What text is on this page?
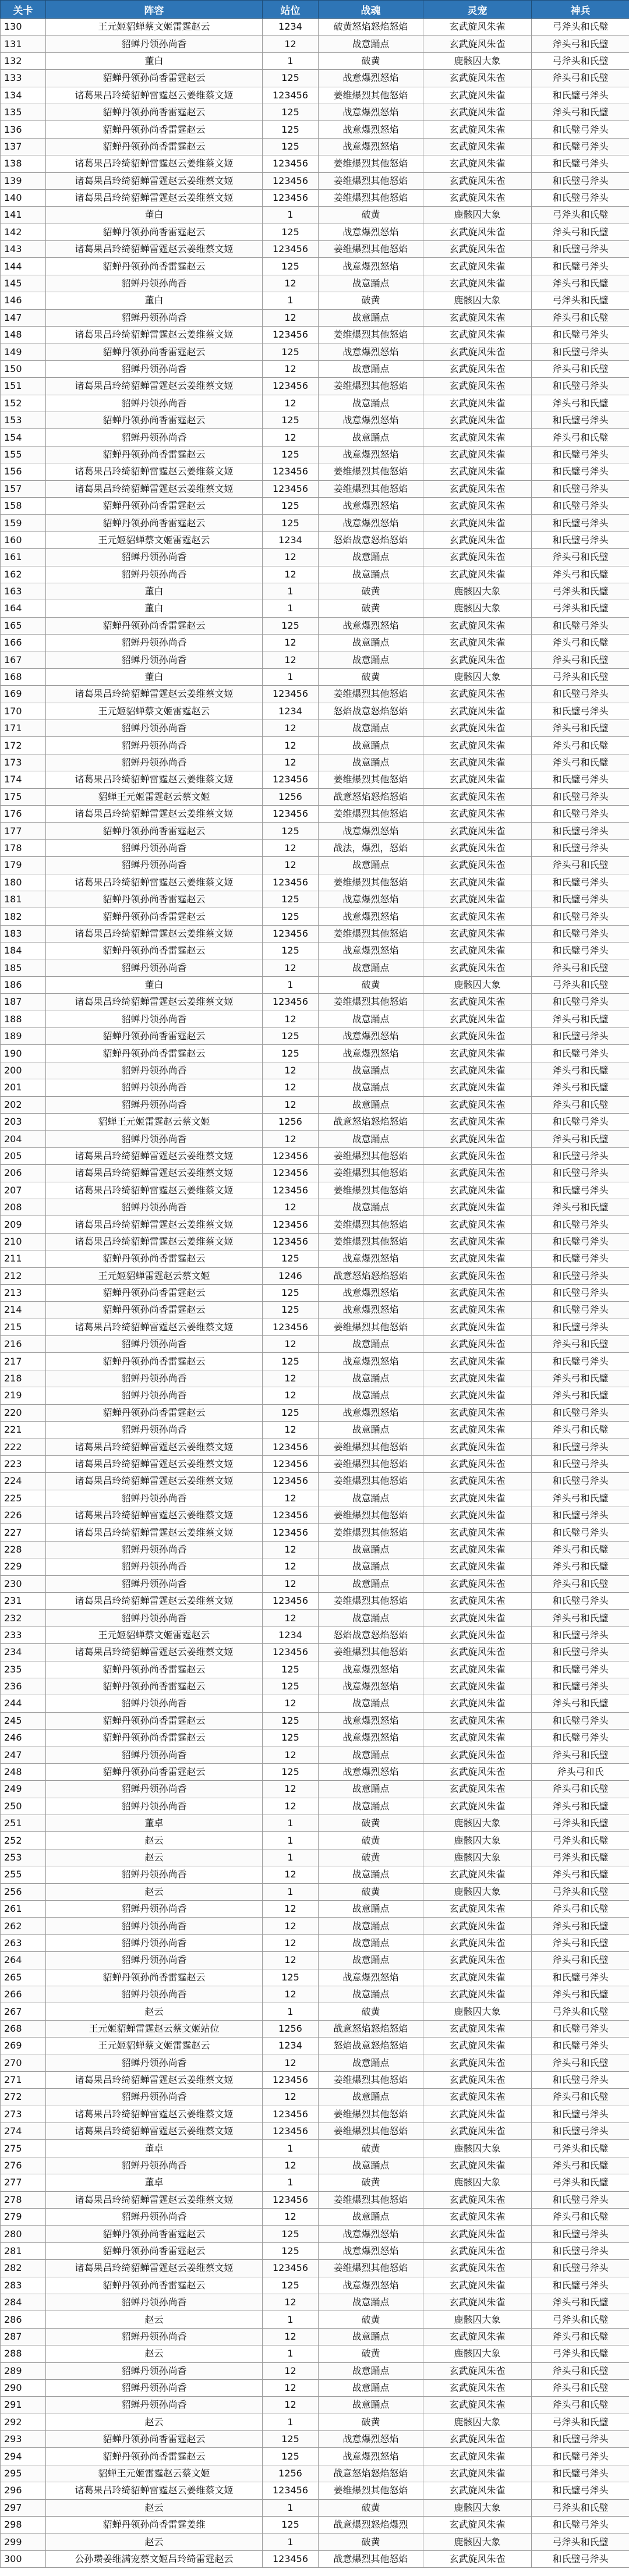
关卡	阵容	站位	战魂	灵宠	神兵
130	王元姬貂蝉蔡文姬雷霆赵云	1234	破黄怒焰怒焰怒焰	玄武旋风朱雀	弓斧头和氏璧
131	貂蝉丹领孙尚香	12	战意踊点	玄武旋风朱雀	斧头弓和氏璧
132	董白	1	破黄	鹿骸囚大象	弓斧头和氏璧
133	貂蝉丹领孙尚香雷霆赵云	125	战意爆烈怒焰	玄武旋风朱雀	斧头弓和氏璧
134	诸葛果吕玲绮貂蝉雷霆赵云姜维蔡文姬	123456	姜维爆烈其他怒焰	玄武旋风朱雀	和氏璧弓斧头
135	貂蝉丹领孙尚香雷霆赵云	125	战意爆烈怒焰	玄武旋风朱雀	斧头弓和氏璧
136	貂蝉丹领孙尚香雷霆赵云	125	战意爆烈怒焰	玄武旋风朱雀	和氏璧弓斧头
137	貂蝉丹领孙尚香雷霆赵云	125	战意爆烈怒焰	玄武旋风朱雀	和氏璧弓斧头
138	诸葛果吕玲绮貂蝉雷霆赵云姜维蔡文姬	123456	姜维爆烈其他怒焰	玄武旋风朱雀	和氏璧弓斧头
139	诸葛果吕玲绮貂蝉雷霆赵云姜维蔡文姬	123456	姜维爆烈其他怒焰	玄武旋风朱雀	和氏璧弓斧头
140	诸葛果吕玲绮貂蝉雷霆赵云姜维蔡文姬	123456	姜维爆烈其他怒焰	玄武旋风朱雀	和氏璧弓斧头
141	董白	1	破黄	鹿骸囚大象	弓斧头和氏璧
142	貂蝉丹领孙尚香雷霆赵云	125	战意爆烈怒焰	玄武旋风朱雀	斧头弓和氏璧
143	诸葛果吕玲绮貂蝉雷霆赵云姜维蔡文姬	123456	姜维爆烈其他怒焰	玄武旋风朱雀	和氏璧弓斧头
144	貂蝉丹领孙尚香雷霆赵云	125	战意爆烈怒焰	玄武旋风朱雀	和氏璧弓斧头
145	貂蝉丹领孙尚香	12	战意踊点	玄武旋风朱雀	斧头弓和氏璧
146	董白	1	破黄	鹿骸囚大象	弓斧头和氏璧
147	貂蝉丹领孙尚香	12	战意踊点	玄武旋风朱雀	斧头弓和氏璧
148	诸葛果吕玲绮貂蝉雷霆赵云姜维蔡文姬	123456	姜维爆烈其他怒焰	玄武旋风朱雀	和氏璧弓斧头
149	貂蝉丹领孙尚香雷霆赵云	125	战意爆烈怒焰	玄武旋风朱雀	和氏璧弓斧头
150	貂蝉丹领孙尚香	12	战意踊点	玄武旋风朱雀	斧头弓和氏璧
151	诸葛果吕玲绮貂蝉雷霆赵云姜维蔡文姬	123456	姜维爆烈其他怒焰	玄武旋风朱雀	和氏璧弓斧头
152	貂蝉丹领孙尚香	12	战意踊点	玄武旋风朱雀	斧头弓和氏璧
153	貂蝉丹领孙尚香雷霆赵云	125	战意爆烈怒焰	玄武旋风朱雀	和氏璧弓斧头
154	貂蝉丹领孙尚香	12	战意踊点	玄武旋风朱雀	斧头弓和氏璧
155	貂蝉丹领孙尚香雷霆赵云	125	战意爆烈怒焰	玄武旋风朱雀	和氏璧弓斧头
156	诸葛果吕玲绮貂蝉雷霆赵云姜维蔡文姬	123456	姜维爆烈其他怒焰	玄武旋风朱雀	和氏璧弓斧头
157	诸葛果吕玲绮貂蝉雷霆赵云姜维蔡文姬	123456	姜维爆烈其他怒焰	玄武旋风朱雀	和氏璧弓斧头
158	貂蝉丹领孙尚香雷霆赵云	125	战意爆烈怒焰	玄武旋风朱雀	和氏璧弓斧头
159	貂蝉丹领孙尚香雷霆赵云	125	战意爆烈怒焰	玄武旋风朱雀	和氏璧弓斧头
160	王元姬貂蝉蔡文姬雷霆赵云	1234	怒焰战意怒焰怒焰	玄武旋风朱雀	和氏璧弓斧头
161	貂蝉丹领孙尚香	12	战意踊点	玄武旋风朱雀	斧头弓和氏璧
162	貂蝉丹领孙尚香	12	战意踊点	玄武旋风朱雀	斧头弓和氏璧
163	董白	1	破黄	鹿骸囚大象	弓斧头和氏璧
164	董白	1	破黄	鹿骸囚大象	弓斧头和氏璧
165	貂蝉丹领孙尚香雷霆赵云	125	战意爆烈怒焰	玄武旋风朱雀	和氏璧弓斧头
166	貂蝉丹领孙尚香	12	战意踊点	玄武旋风朱雀	斧头弓和氏璧
167	貂蝉丹领孙尚香	12	战意踊点	玄武旋风朱雀	斧头弓和氏璧
168	董白	1	破黄	鹿骸囚大象	弓斧头和氏璧
169	诸葛果吕玲绮貂蝉雷霆赵云姜维蔡文姬	123456	姜维爆烈其他怒焰	玄武旋风朱雀	和氏璧弓斧头
170	王元姬貂蝉蔡文姬雷霆赵云	1234	怒焰战意怒焰怒焰	玄武旋风朱雀	和氏璧弓斧头
171	貂蝉丹领孙尚香	12	战意踊点	玄武旋风朱雀	斧头弓和氏璧
172	貂蝉丹领孙尚香	12	战意踊点	玄武旋风朱雀	斧头弓和氏璧
173	貂蝉丹领孙尚香	12	战意踊点	玄武旋风朱雀	斧头弓和氏璧
174	诸葛果吕玲绮貂蝉雷霆赵云姜维蔡文姬	123456	姜维爆烈其他怒焰	玄武旋风朱雀	和氏璧弓斧头
175	貂蝉王元姬雷霆赵云蔡文姬	1256	战意怒焰怒焰怒焰	玄武旋风朱雀	和氏璧弓斧头
176	诸葛果吕玲绮貂蝉雷霆赵云姜维蔡文姬	123456	姜维爆烈其他怒焰	玄武旋风朱雀	和氏璧弓斧头
177	貂蝉丹领孙尚香雷霆赵云	125	战意爆烈怒焰	玄武旋风朱雀	和氏璧弓斧头
178	貂蝉丹领孙尚香	12	战法，爆烈，怒焰	玄武旋风朱雀	和氏璧弓斧头
179	貂蝉丹领孙尚香	12	战意踊点	玄武旋风朱雀	斧头弓和氏璧
180	诸葛果吕玲绮貂蝉雷霆赵云姜维蔡文姬	123456	姜维爆烈其他怒焰	玄武旋风朱雀	和氏璧弓斧头
181	貂蝉丹领孙尚香雷霆赵云	125	战意爆烈怒焰	玄武旋风朱雀	和氏璧弓斧头
182	貂蝉丹领孙尚香雷霆赵云	125	战意爆烈怒焰	玄武旋风朱雀	和氏璧弓斧头
183	诸葛果吕玲绮貂蝉雷霆赵云姜维蔡文姬	123456	姜维爆烈其他怒焰	玄武旋风朱雀	和氏璧弓斧头
184	貂蝉丹领孙尚香雷霆赵云	125	战意爆烈怒焰	玄武旋风朱雀	和氏璧弓斧头
185	貂蝉丹领孙尚香	12	战意踊点	玄武旋风朱雀	斧头弓和氏璧
186	董白	1	破黄	鹿骸囚大象	弓斧头和氏璧
187	诸葛果吕玲绮貂蝉雷霆赵云姜维蔡文姬	123456	姜维爆烈其他怒焰	玄武旋风朱雀	和氏璧弓斧头
188	貂蝉丹领孙尚香	12	战意踊点	玄武旋风朱雀	斧头弓和氏璧
189	貂蝉丹领孙尚香雷霆赵云	125	战意爆烈怒焰	玄武旋风朱雀	和氏璧弓斧头
190	貂蝉丹领孙尚香雷霆赵云	125	战意爆烈怒焰	玄武旋风朱雀	和氏璧弓斧头
200	貂蝉丹领孙尚香	12	战意踊点	玄武旋风朱雀	斧头弓和氏璧
201	貂蝉丹领孙尚香	12	战意踊点	玄武旋风朱雀	斧头弓和氏璧
202	貂蝉丹领孙尚香	12	战意踊点	玄武旋风朱雀	斧头弓和氏璧
203	貂蝉王元姬雷霆赵云蔡文姬	1256	战意怒焰怒焰怒焰	玄武旋风朱雀	和氏璧弓斧头
204	貂蝉丹领孙尚香	12	战意踊点	玄武旋风朱雀	斧头弓和氏璧
205	诸葛果吕玲绮貂蝉雷霆赵云姜维蔡文姬	123456	姜维爆烈其他怒焰	玄武旋风朱雀	和氏璧弓斧头
206	诸葛果吕玲绮貂蝉雷霆赵云姜维蔡文姬	123456	姜维爆烈其他怒焰	玄武旋风朱雀	和氏璧弓斧头
207	诸葛果吕玲绮貂蝉雷霆赵云姜维蔡文姬	123456	姜维爆烈其他怒焰	玄武旋风朱雀	和氏璧弓斧头
208	貂蝉丹领孙尚香	12	战意踊点	玄武旋风朱雀	斧头弓和氏璧
209	诸葛果吕玲绮貂蝉雷霆赵云姜维蔡文姬	123456	姜维爆烈其他怒焰	玄武旋风朱雀	和氏璧弓斧头
210	诸葛果吕玲绮貂蝉雷霆赵云姜维蔡文姬	123456	姜维爆烈其他怒焰	玄武旋风朱雀	和氏璧弓斧头
211	貂蝉丹领孙尚香雷霆赵云	125	战意爆烈怒焰	玄武旋风朱雀	和氏璧弓斧头
212	王元姬貂蝉雷霆赵云蔡文姬	1246	战意怒焰怒焰怒焰	玄武旋风朱雀	和氏璧弓斧头
213	貂蝉丹领孙尚香雷霆赵云	125	战意爆烈怒焰	玄武旋风朱雀	和氏璧弓斧头
214	貂蝉丹领孙尚香雷霆赵云	125	战意爆烈怒焰	玄武旋风朱雀	和氏璧弓斧头
215	诸葛果吕玲绮貂蝉雷霆赵云姜维蔡文姬	123456	姜维爆烈其他怒焰	玄武旋风朱雀	和氏璧弓斧头
216	貂蝉丹领孙尚香	12	战意踊点	玄武旋风朱雀	斧头弓和氏璧
217	貂蝉丹领孙尚香雷霆赵云	125	战意爆烈怒焰	玄武旋风朱雀	和氏璧弓斧头
218	貂蝉丹领孙尚香	12	战意踊点	玄武旋风朱雀	斧头弓和氏璧
219	貂蝉丹领孙尚香	12	战意踊点	玄武旋风朱雀	斧头弓和氏璧
220	貂蝉丹领孙尚香雷霆赵云	125	战意爆烈怒焰	玄武旋风朱雀	和氏璧弓斧头
221	貂蝉丹领孙尚香	12	战意踊点	玄武旋风朱雀	斧头弓和氏璧
222	诸葛果吕玲绮貂蝉雷霆赵云姜维蔡文姬	123456	姜维爆烈其他怒焰	玄武旋风朱雀	和氏璧弓斧头
223	诸葛果吕玲绮貂蝉雷霆赵云姜维蔡文姬	123456	姜维爆烈其他怒焰	玄武旋风朱雀	和氏璧弓斧头
224	诸葛果吕玲绮貂蝉雷霆赵云姜维蔡文姬	123456	姜维爆烈其他怒焰	玄武旋风朱雀	和氏璧弓斧头
225	貂蝉丹领孙尚香	12	战意踊点	玄武旋风朱雀	斧头弓和氏璧
226	诸葛果吕玲绮貂蝉雷霆赵云姜维蔡文姬	123456	姜维爆烈其他怒焰	玄武旋风朱雀	和氏璧弓斧头
227	诸葛果吕玲绮貂蝉雷霆赵云姜维蔡文姬	123456	姜维爆烈其他怒焰	玄武旋风朱雀	和氏璧弓斧头
228	貂蝉丹领孙尚香	12	战意踊点	玄武旋风朱雀	斧头弓和氏璧
229	貂蝉丹领孙尚香	12	战意踊点	玄武旋风朱雀	斧头弓和氏璧
230	貂蝉丹领孙尚香	12	战意踊点	玄武旋风朱雀	斧头弓和氏璧
231	诸葛果吕玲绮貂蝉雷霆赵云姜维蔡文姬	123456	姜维爆烈其他怒焰	玄武旋风朱雀	和氏璧弓斧头
232	貂蝉丹领孙尚香	12	战意踊点	玄武旋风朱雀	斧头弓和氏璧
233	王元姬貂蝉蔡文姬雷霆赵云	1234	怒焰战意怒焰怒焰	玄武旋风朱雀	和氏璧弓斧头
234	诸葛果吕玲绮貂蝉雷霆赵云姜维蔡文姬	123456	姜维爆烈其他怒焰	玄武旋风朱雀	和氏璧弓斧头
235	貂蝉丹领孙尚香雷霆赵云	125	战意爆烈怒焰	玄武旋风朱雀	和氏璧弓斧头
236	貂蝉丹领孙尚香雷霆赵云	125	战意爆烈怒焰	玄武旋风朱雀	和氏璧弓斧头
244	貂蝉丹领孙尚香	12	战意踊点	玄武旋风朱雀	斧头弓和氏璧
245	貂蝉丹领孙尚香雷霆赵云	125	战意爆烈怒焰	玄武旋风朱雀	和氏璧弓斧头
246	貂蝉丹领孙尚香雷霆赵云	125	战意爆烈怒焰	玄武旋风朱雀	和氏璧弓斧头
247	貂蝉丹领孙尚香	12	战意踊点	玄武旋风朱雀	斧头弓和氏璧
248	貂蝉丹领孙尚香雷霆赵云	125	战意爆烈怒焰	玄武旋风朱雀	斧头弓和氏
249	貂蝉丹领孙尚香	12	战意踊点	玄武旋风朱雀	斧头弓和氏璧
250	貂蝉丹领孙尚香	12	战意踊点	玄武旋风朱雀	斧头弓和氏璧
251	董卓	1	破黄	鹿骸囚大象	弓斧头和氏璧
252	赵云	1	破黄	鹿骸囚大象	弓斧头和氏璧
253	赵云	1	破黄	鹿骸囚大象	弓斧头和氏璧
255	貂蝉丹领孙尚香	12	战意踊点	玄武旋风朱雀	斧头弓和氏璧
256	赵云	1	破黄	鹿骸囚大象	弓斧头和氏璧
261	貂蝉丹领孙尚香	12	战意踊点	玄武旋风朱雀	斧头弓和氏璧
262	貂蝉丹领孙尚香	12	战意踊点	玄武旋风朱雀	斧头弓和氏璧
263	貂蝉丹领孙尚香	12	战意踊点	玄武旋风朱雀	斧头弓和氏璧
264	貂蝉丹领孙尚香	12	战意踊点	玄武旋风朱雀	斧头弓和氏璧
265	貂蝉丹领孙尚香雷霆赵云	125	战意爆烈怒焰	玄武旋风朱雀	和氏璧弓斧头
266	貂蝉丹领孙尚香	12	战意踊点	玄武旋风朱雀	斧头弓和氏璧
267	赵云	1	破黄	鹿骸囚大象	弓斧头和氏璧
268	王元姬貂蝉雷霆赵云蔡文姬站位	1256	战意怒焰怒焰怒焰	玄武旋风朱雀	和氏璧弓斧头
269	王元姬貂蝉蔡文姬雷霆赵云	1234	怒焰战意怒焰怒焰	玄武旋风朱雀	和氏璧弓斧头
270	貂蝉丹领孙尚香	12	战意踊点	玄武旋风朱雀	斧头弓和氏璧
271	诸葛果吕玲绮貂蝉雷霆赵云姜维蔡文姬	123456	姜维爆烈其他怒焰	玄武旋风朱雀	和氏璧弓斧头
272	貂蝉丹领孙尚香	12	战意踊点	玄武旋风朱雀	斧头弓和氏璧
273	诸葛果吕玲绮貂蝉雷霆赵云姜维蔡文姬	123456	姜维爆烈其他怒焰	玄武旋风朱雀	和氏璧弓斧头
274	诸葛果吕玲绮貂蝉雷霆赵云姜维蔡文姬	123456	姜维爆烈其他怒焰	玄武旋风朱雀	和氏璧弓斧头
275	董卓	1	破黄	鹿骸囚大象	弓斧头和氏璧
276	貂蝉丹领孙尚香	12	战意踊点	玄武旋风朱雀	斧头弓和氏璧
277	董卓	1	破黄	鹿骸囚大象	弓斧头和氏璧
278	诸葛果吕玲绮貂蝉雷霆赵云姜维蔡文姬	123456	姜维爆烈其他怒焰	玄武旋风朱雀	和氏璧弓斧头
279	貂蝉丹领孙尚香	12	战意踊点	玄武旋风朱雀	斧头弓和氏璧
280	貂蝉丹领孙尚香雷霆赵云	125	战意爆烈怒焰	玄武旋风朱雀	和氏璧弓斧头
281	貂蝉丹领孙尚香雷霆赵云	125	战意爆烈怒焰	玄武旋风朱雀	和氏璧弓斧头
282	诸葛果吕玲绮貂蝉雷霆赵云姜维蔡文姬	123456	姜维爆烈其他怒焰	玄武旋风朱雀	和氏璧弓斧头
283	貂蝉丹领孙尚香雷霆赵云	125	战意爆烈怒焰	玄武旋风朱雀	和氏璧弓斧头
284	貂蝉丹领孙尚香	12	战意踊点	玄武旋风朱雀	斧头弓和氏璧
286	赵云	1	破黄	鹿骸囚大象	弓斧头和氏璧
287	貂蝉丹领孙尚香	12	战意踊点	玄武旋风朱雀	斧头弓和氏璧
288	赵云	1	破黄	鹿骸囚大象	弓斧头和氏璧
289	貂蝉丹领孙尚香	12	战意踊点	玄武旋风朱雀	斧头弓和氏璧
290	貂蝉丹领孙尚香	12	战意踊点	玄武旋风朱雀	斧头弓和氏璧
291	貂蝉丹领孙尚香	12	战意踊点	玄武旋风朱雀	斧头弓和氏璧
292	赵云	1	破黄	鹿骸囚大象	弓斧头和氏璧
293	貂蝉丹领孙尚香雷霆赵云	125	战意爆烈怒焰	玄武旋风朱雀	和氏璧弓斧头
294	貂蝉丹领孙尚香雷霆赵云	125	战意爆烈怒焰	玄武旋风朱雀	和氏璧弓斧头
295	貂蝉王元姬雷霆赵云蔡文姬	1256	战意怒焰怒焰怒焰	玄武旋风朱雀	和氏璧弓斧头
296	诸葛果吕玲绮貂蝉雷霆赵云姜维蔡文姬	123456	姜维爆烈其他怒焰	玄武旋风朱雀	和氏璧弓斧头
297	赵云	1	破黄	鹿骸囚大象	弓斧头和氏璧
298	貂蝉丹领孙尚香雷霆姜维	125	战意爆烈怒焰爆烈	玄武旋风朱雀	和氏璧弓斧头
299	赵云	1	破黄	鹿骸囚大象	弓斧头和氏璧
300	公孙瓒姜维满宠蔡文姬吕玲绮雷霆赵云	123456	战意爆烈其他怒焰	玄武旋风朱雀	和氏璧弓斧头
